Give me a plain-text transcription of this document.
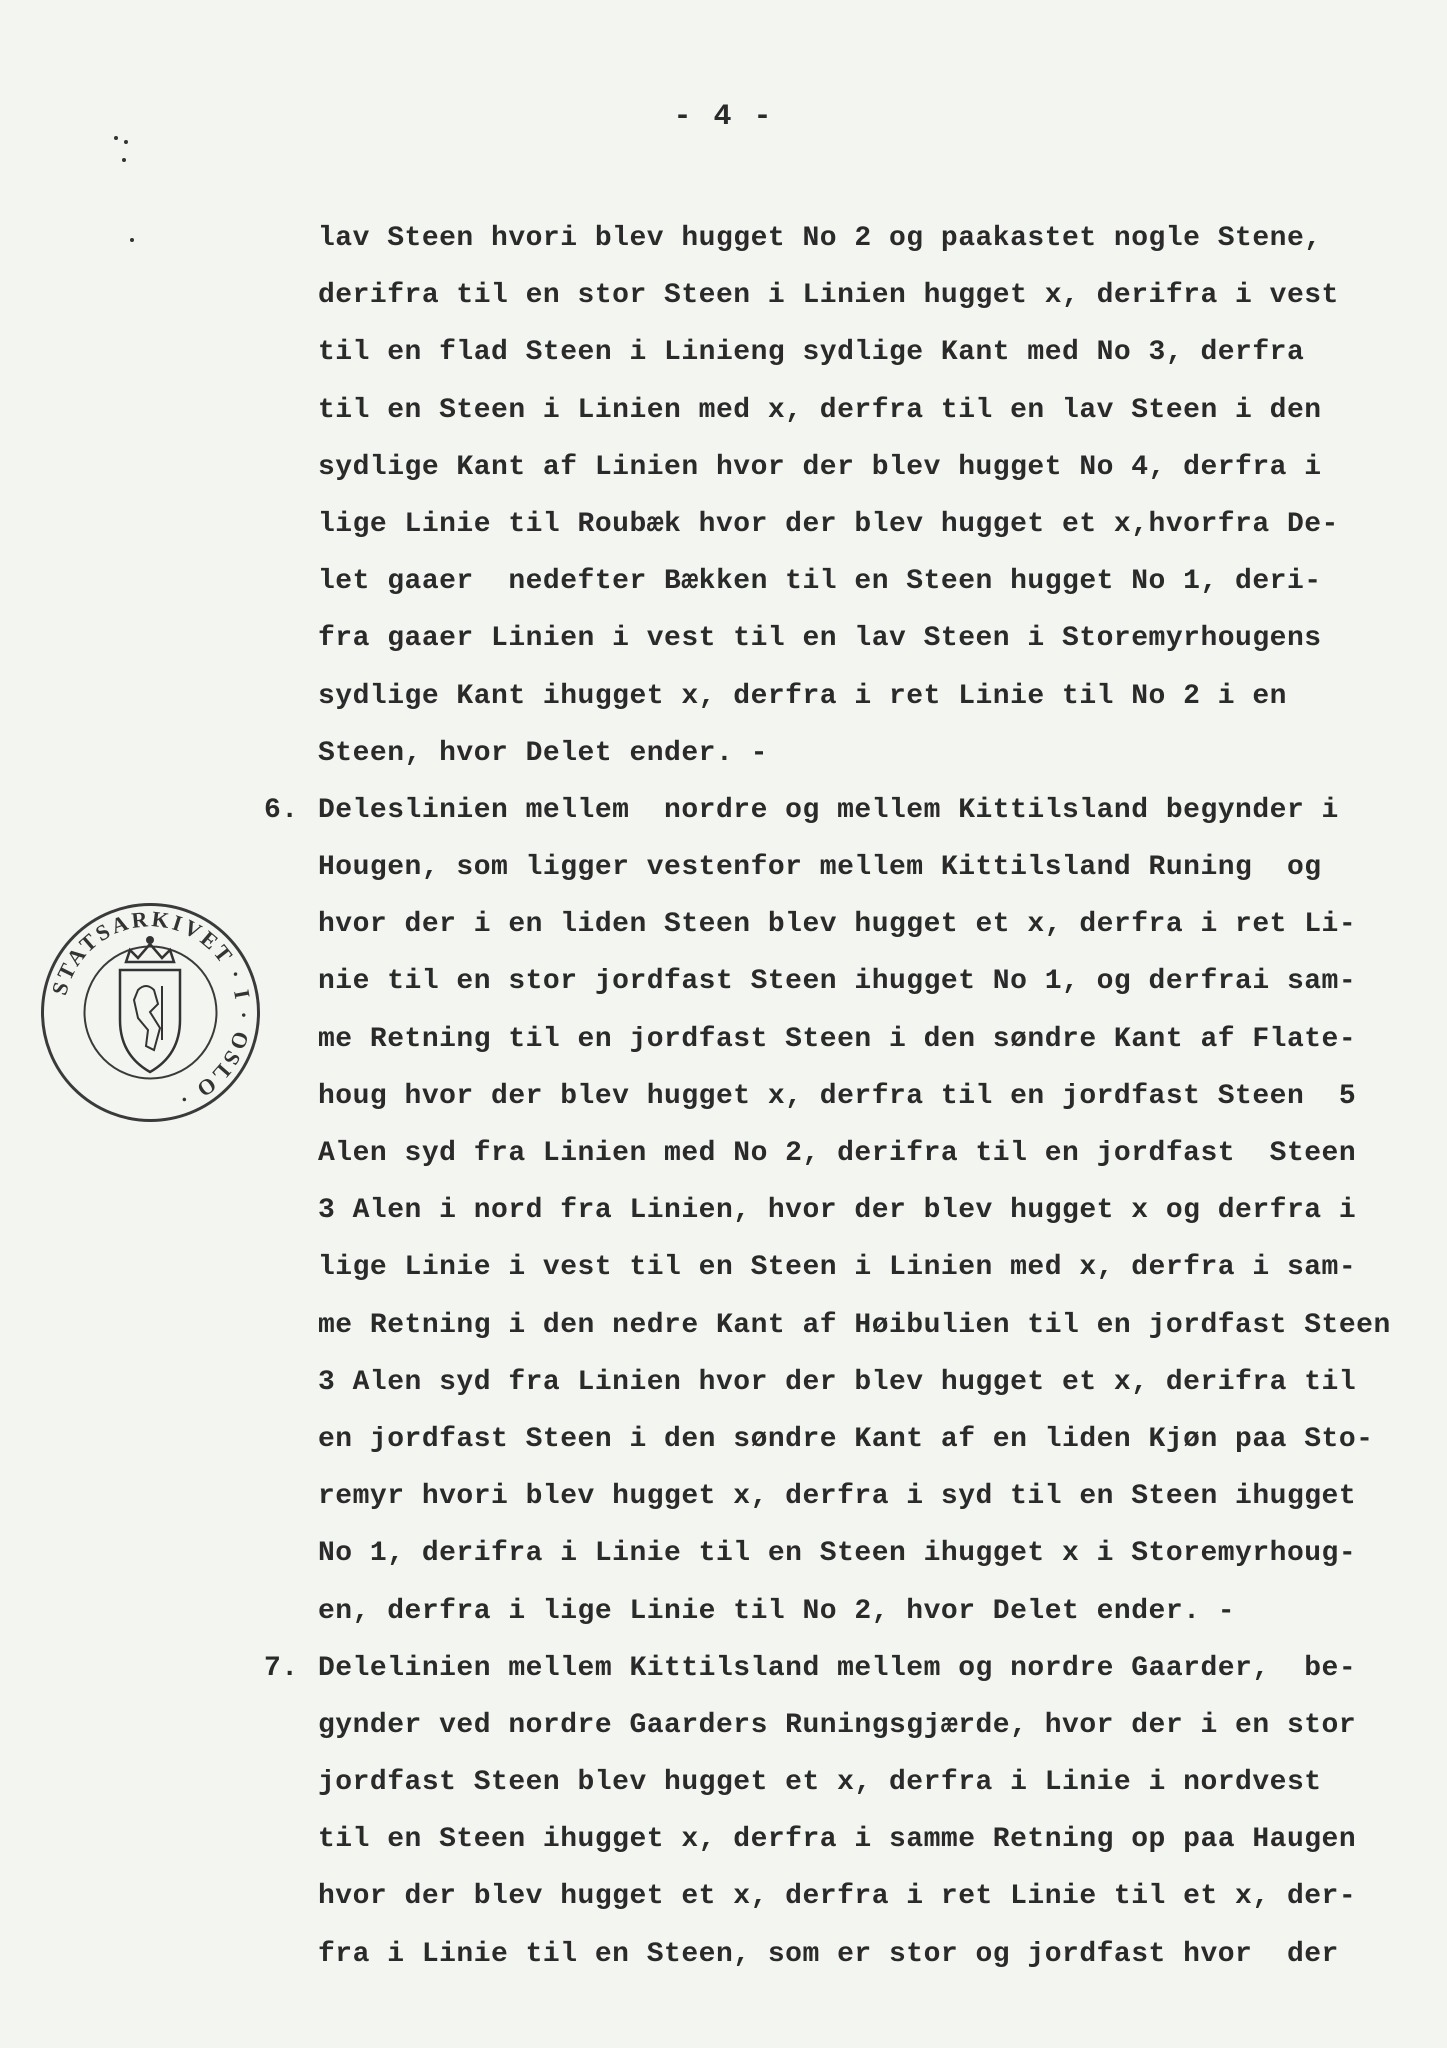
- 4 -
lav Steen hvori blev hugget No 2 og paakastet nogle Stene,
derifra til en stor Steen i Linien hugget x, derifra i vest
til en flad Steen i Linieng sydlige Kant med No 3, derfra
til en Steen i Linien med x, derfra til en lav Steen i den
sydlige Kant af Linien hvor der blev hugget No 4, derfra i
lige Linie til Roubæk hvor der blev hugget et x,hvorfra De-
let gaaer  nedefter Bækken til en Steen hugget No 1, deri-
fra gaaer Linien i vest til en lav Steen i Storemyrhougens
sydlige Kant ihugget x, derfra i ret Linie til No 2 i en
Steen, hvor Delet ender. -
6. Deleslinien mellem  nordre og mellem Kittilsland begynder i
Hougen, som ligger vestenfor mellem Kittilsland Runing  og
hvor der i en liden Steen blev hugget et x, derfra i ret Li-
nie til en stor jordfast Steen ihugget No 1, og derfrai sam-
me Retning til en jordfast Steen i den søndre Kant af Flate-
houg hvor der blev hugget x, derfra til en jordfast Steen  5
Alen syd fra Linien med No 2, derifra til en jordfast  Steen
3 Alen i nord fra Linien, hvor der blev hugget x og derfra i
lige Linie i vest til en Steen i Linien med x, derfra i sam-
me Retning i den nedre Kant af Høibulien til en jordfast Steen
3 Alen syd fra Linien hvor der blev hugget et x, derifra til
en jordfast Steen i den søndre Kant af en liden Kjøn paa Sto-
remyr hvori blev hugget x, derfra i syd til en Steen ihugget
No 1, derifra i Linie til en Steen ihugget x i Storemyrhoug-
en, derfra i lige Linie til No 2, hvor Delet ender. -
7. Delelinien mellem Kittilsland mellem og nordre Gaarder,  be-
gynder ved nordre Gaarders Runingsgjærde, hvor der i en stor
jordfast Steen blev hugget et x, derfra i Linie i nordvest
til en Steen ihugget x, derfra i samme Retning op paa Haugen
hvor der blev hugget et x, derfra i ret Linie til et x, der-
fra i Linie til en Steen, som er stor og jordfast hvor  der
STATSARKIVET · I · OSLO ·
